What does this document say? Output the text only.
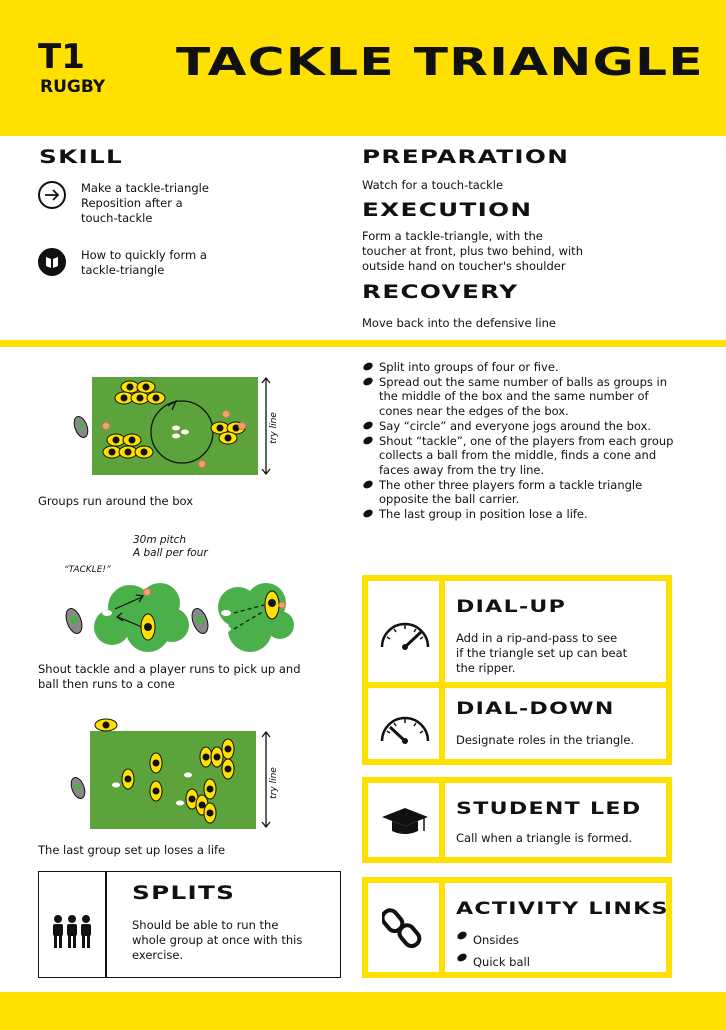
T1
RUGBY
TACKLE TRIANGLE
SKILL
Make a tackle-triangle
Reposition after a
touch-tackle
How to quickly form a
tackle-triangle
PREPARATION
Watch for a touch-tackle
EXECUTION
Form a tackle-triangle, with the
toucher at front, plus two behind, with
outside hand on toucher's shoulder
RECOVERY
Move back into the defensive line
try line
Groups run around the box
30m pitch
A ball per four
“TACKLE!”
Shout tackle and a player runs to pick up and
ball then runs to a cone
try line
The last group set up loses a life
Split into groups of four or five.
Spread out the same number of balls as groups in the middle of the box and the same number of cones near the edges of the box.
Say “circle” and everyone jogs around the box.
Shout “tackle”, one of the players from each group collects a ball from the middle, finds a cone and faces away from the try line.
The other three players form a tackle triangle opposite the ball carrier.
The last group in position lose a life.
SPLITS
Should be able to run the
whole group at once with this
exercise.
DIAL-UP
Add in a rip-and-pass to see
if the triangle set up can beat
the ripper.
DIAL-DOWN
Designate roles in the triangle.
STUDENT LED
Call when a triangle is formed.
ACTIVITY LINKS
Onsides
Quick ball
